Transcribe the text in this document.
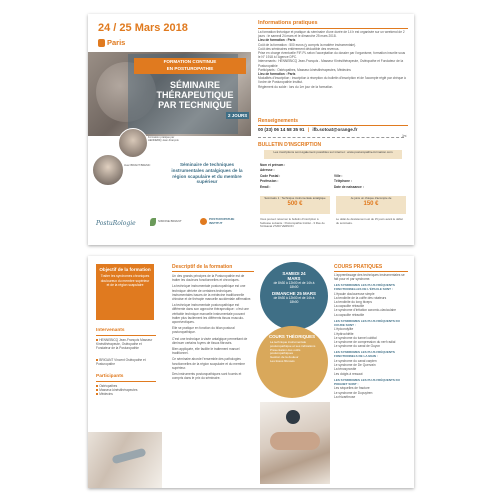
24 / 25 Mars 2018
Paris
FORMATION CONTINUE
EN POSTUROPATHIE
SÉMINAIRE
THÉRAPEUTIQUE
PAR TECHNIQUE
2 JOURS
Formation pratique par HENNEBIQ Jean-François
Avec BRIANT BRENIC	Séminaire de techniques instrumentales antalgiques de la région scapulaire et du membre supérieur
PostuRologie	SIMONE BRIANT
POSTUROPATHIE INSTITUT
Informations pratiques
La formation théorique et pratique du séminaire d'une durée de 14 h est organisée sur un weekend de 2 jours : le samedi 24 mars et le dimanche 25 mars 2018.
Lieu de formation : Paris
Coût de la formation : 500 euros (y compris la matière instrumentale).
Coût des séminaires entièrement déductible des revenus.
Prise en charge éventuelle FIF-PL selon l'acceptation du dossier par l'organisme, formation inscrite sous le N° 1918 à l'Agence DPC.
Intervenants : HENNEBICQ Jean-François - Masseur Kinésithérapeute, Ostéopathe et Fondateur de la Posturopathie
Participants : Ostéopathes, Masseur-kinésithérapeutes, Médecins
Lieu de formation : Paris
Modalités d'inscription : inscription à réception du bulletin d'inscription et de l'acompte réglé par chèque à l'ordre de Posturopathie Institut.
Règlement du solde : lors du 1er jour de la formation.
Renseignements
00 (33) 06 14 58 35 91 | ifb.sotoat@orange.fr
✂
BULLETIN D'INSCRIPTION
Les inscriptions sont également possibles sur internet : www.posturopathie-formation.com
Nom et prénom :
Adresse :
Code Postal :	Ville :
Profession :	Téléphone :
Email :	Date de naissance :
Séminaire 1 : Technique instrumentale antalgique
500 €
Je joins un chèque d'acompte de
150 €
Vous pouvez retourner le bulletin d'inscription à l'adresse suivante : Posturopathie Institut - 3 Rue de l'Artisanat 27200 VERNON
Le délai de désistement est de 15 jours avant le début du séminaire.
Objectif de la formation
Traiter les syndromes chroniques douloureux du membre supérieur et de la région scapulaire
Intervenants
HENNEBICQ Jean-François Masseur Kinésithérapeute, Ostéopathe et Fondateur de la Posturopathie
BRIGANT Vincent Ostéopathe et Posturopathe
Participants
Ostéopathes
Masseur-kinésithérapeutes
Médecins
Descriptif de la formation

Un des grands principes de la Posturopathie est de traiter les douleurs fonctionnelles et chroniques.

La technique instrumentale posturopathique est une technique dérivée de certaines techniques instrumentales issues de la médecine traditionnelle chinoise et de thérapie manuelle accidentale affirmative.

La technique instrumentale posturopathique est différente dans son approche thérapeutique : c'est une véritable technique manuelle instrumentale pouvant traiter plus facilement les différents tissus musculo-aponévrotiques.

Elle se pratique en fonction du bilan postural posturopathique.

C'est une technique à visée antalgique permettant de diminuer certains foyers de tissus fibrosés.

Bien appliquée, elle facilite le traitement manuel traditionnel.

Ce séminaire aborde l'ensemble des pathologies fonctionnelles de la région scapulaire et du membre supérieur.

Des instruments posturopathiques sont fournis et compris dans le prix du séminaire.

SAMEDI 24 MARS
de 8h30 à 12h00 et de 14h à 18h00
DIMANCHE 25 MARS
de 8h30 à 12h00 et de 14h à 18h00
COURS THÉORIQUES
La technique instrumentale posturopathique et ses indications
Présentation des outils posturopathiques
Gestion de la douleur
Les tissus fibrosés
COURS PRATIQUES
L'apprentissage des techniques instrumentales se fait pour et par syndrome.
LES SYNDROMES LES PLUS FRÉQUENTS FONCTIONNELLES DE L'ÉPAULE SONT :
L'épaule douloureuse simple
La tendinite de la coiffe des rotateurs
La tendinite du long biceps
La capsulite rétractile
Le syndrome d'irritation acromio-claviculaire
La capsulite rétractile
LES SYNDROMES LES PLUS FRÉQUENTS DU COUDE SONT :
L'épicondylite
L'épitrochléite
Le syndrome du tunnel cubital
Le syndrome de compression du nerf radial
Le syndrome du canal de Guyon
LES SYNDROMES LES PLUS FRÉQUENTS FONCTIONNELS DE LA MAIN :
Le syndrome du canal carpien
Le syndrome de De Quervain
La ténosynovite
Les doigts à ressaut
LES SYNDROMES LES PLUS FRÉQUENTS DU POIGNET SONT :
Les séquelles de fracture
Le syndrome de Dupuytren
La rhizarthrose
